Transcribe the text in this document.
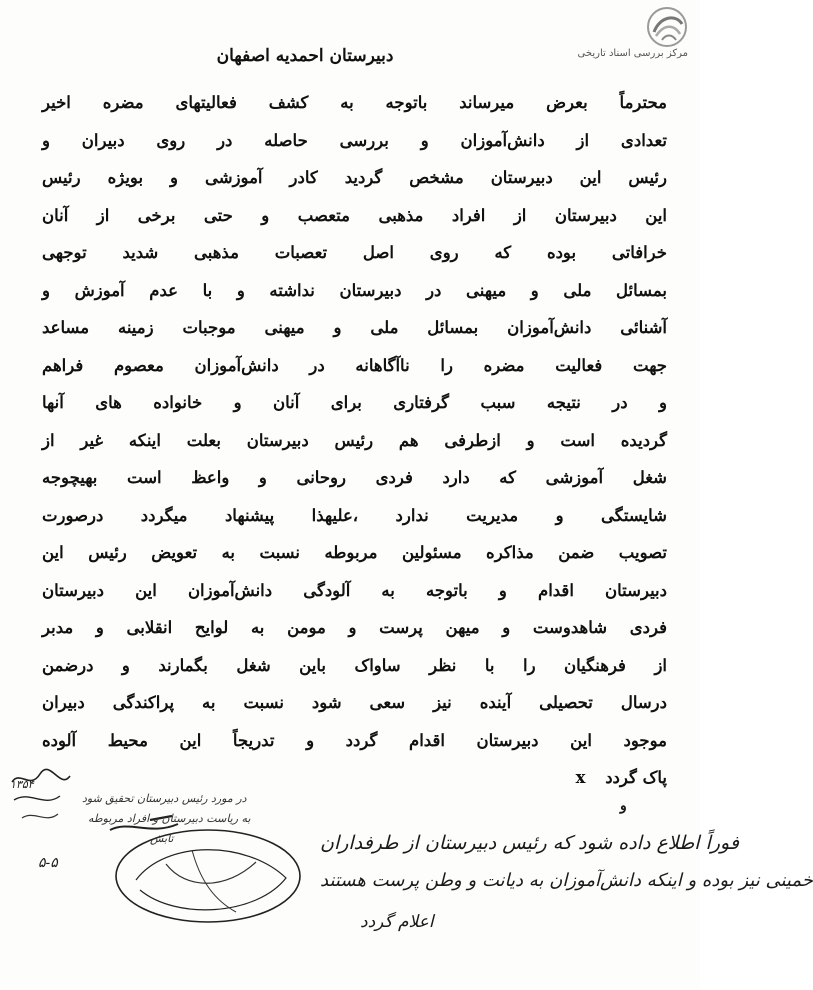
مرکز بررسی اسناد تاریخی
دبیرستان احمدیه اصفهان
محترماً بعرض میرساند باتوجه به کشف فعالیتهای مضره اخیر
تعدادی از دانش‌آموزان و بررسی حاصله در روی دبیران و
رئیس این دبیرستان مشخص گردید کادر آموزشی و بویژه رئیس
این دبیرستان از افراد مذهبی متعصب و حتی برخی از آنان
خرافاتی بوده که روی اصل تعصبات مذهبی شدید توجهی
بمسائل ملی و میهنی در دبیرستان نداشته و با عدم آموزش و
آشنائی دانش‌آموزان بمسائل ملی و میهنی موجبات زمینه مساعد
جهت فعالیت مضره را ناآگاهانه در دانش‌آموزان معصوم فراهم
و در نتیجه سبب گرفتاری برای آنان و خانواده های آنها
گردیده است و ازطرفی هم رئیس دبیرستان بعلت اینکه غیر از
شغل آموزشی که دارد فردی روحانی و واعظ است بهیچوجه
شایستگی و مدیریت ندارد ،علیهذا پیشنهاد میگردد درصورت
تصویب ضمن مذاکره مسئولین مربوطه نسبت به تعویض رئیس این
دبیرستان اقدام و باتوجه به آلودگی دانش‌آموزان این دبیرستان
فردی شاهدوست و میهن پرست و مومن به لوایح انقلابی و مدبر
از فرهنگیان را با نظر ساواک باین شغل بگمارند و درضمن
درسال تحصیلی آینده نیز سعی شود نسبت به پراکندگی دبیران
موجود این دبیرستان اقدام گردد و تدریجاً این محیط آلوده
پاک گردد x
فوراً اطلاع داده شود که رئیس دبیرستان از طرفداران
خمینی نیز بوده و اینکه دانش‌آموزان به دیانت و وطن پرست هستند
اعلام گردد
در مورد رئیس دبیرستان تحقیق شود
۱۳۵۴
به ریاست دبیرستان و افراد مربوطه
تابش
۵-۵
و
